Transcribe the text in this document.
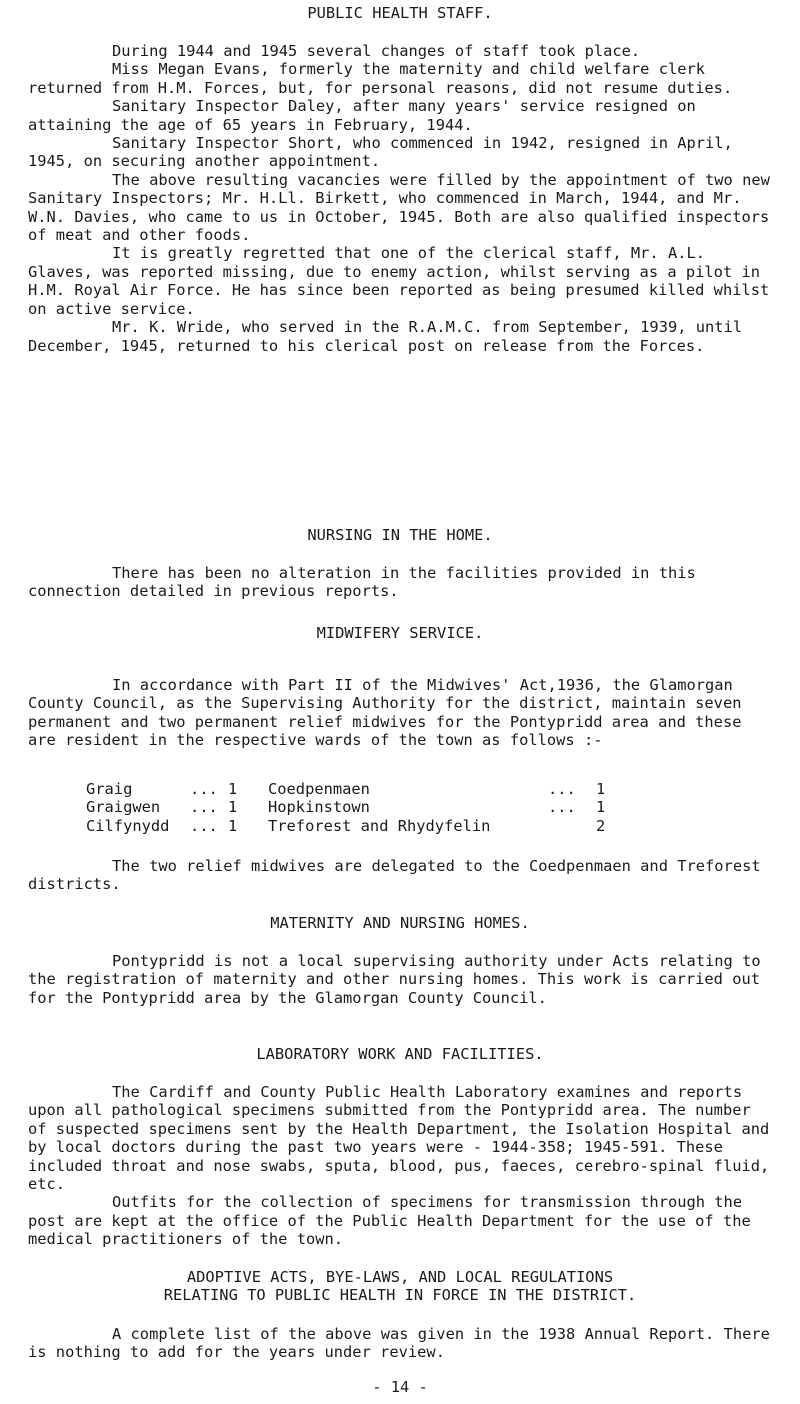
PUBLIC HEALTH STAFF.

During 1944 and 1945 several changes of staff took place.

Miss Megan Evans, formerly the maternity and child welfare clerk returned from H.M. Forces, but, for personal reasons, did not resume duties.

Sanitary Inspector Daley, after many years' service resigned on attaining the age of 65 years in February, 1944.

Sanitary Inspector Short, who commenced in 1942, resigned in April, 1945, on securing another appointment.

The above resulting vacancies were filled by the appointment of two new Sanitary Inspectors; Mr. H.Ll. Birkett, who commenced in March, 1944, and Mr. W.N. Davies, who came to us in October, 1945. Both are also qualified inspectors of meat and other foods.

It is greatly regretted that one of the clerical staff, Mr. A.L. Glaves, was reported missing, due to enemy action, whilst serving as a pilot in H.M. Royal Air Force. He has since been reported as being presumed killed whilst on active service.

Mr. K. Wride, who served in the R.A.M.C. from September, 1939, until December, 1945, returned to his clerical post on release from the Forces.

NURSING IN THE HOME.

There has been no alteration in the facilities provided in this connection detailed in previous reports.

MIDWIFERY SERVICE.

In accordance with Part II of the Midwives' Act,1936, the Glamorgan County Council, as the Supervising Authority for the district, maintain seven permanent and two permanent relief midwives for the Pontypridd area and these are resident in the respective wards of the town as follows :-

Graig	...	1	Coedpenmaen	...	1
Graigwen	...	1	Hopkinstown	...	1
Cilfynydd	...	1	Treforest and Rhydyfelin		2

The two relief midwives are delegated to the Coedpenmaen and Treforest districts.

MATERNITY AND NURSING HOMES.

Pontypridd is not a local supervising authority under Acts relating to the registration of maternity and other nursing homes. This work is carried out for the Pontypridd area by the Glamorgan County Council.

LABORATORY WORK AND FACILITIES.

The Cardiff and County Public Health Laboratory examines and reports upon all pathological specimens submitted from the Pontypridd area. The number of suspected specimens sent by the Health Department, the Isolation Hospital and by local doctors during the past two years were - 1944-358; 1945-591. These included throat and nose swabs, sputa, blood, pus, faeces, cerebro-spinal fluid, etc.

Outfits for the collection of specimens for transmission through the post are kept at the office of the Public Health Department for the use of the medical practitioners of the town.

ADOPTIVE ACTS, BYE-LAWS, AND LOCAL REGULATIONS
RELATING TO PUBLIC HEALTH IN FORCE IN THE DISTRICT.

A complete list of the above was given in the 1938 Annual Report. There is nothing to add for the years under review.

- 14 -
